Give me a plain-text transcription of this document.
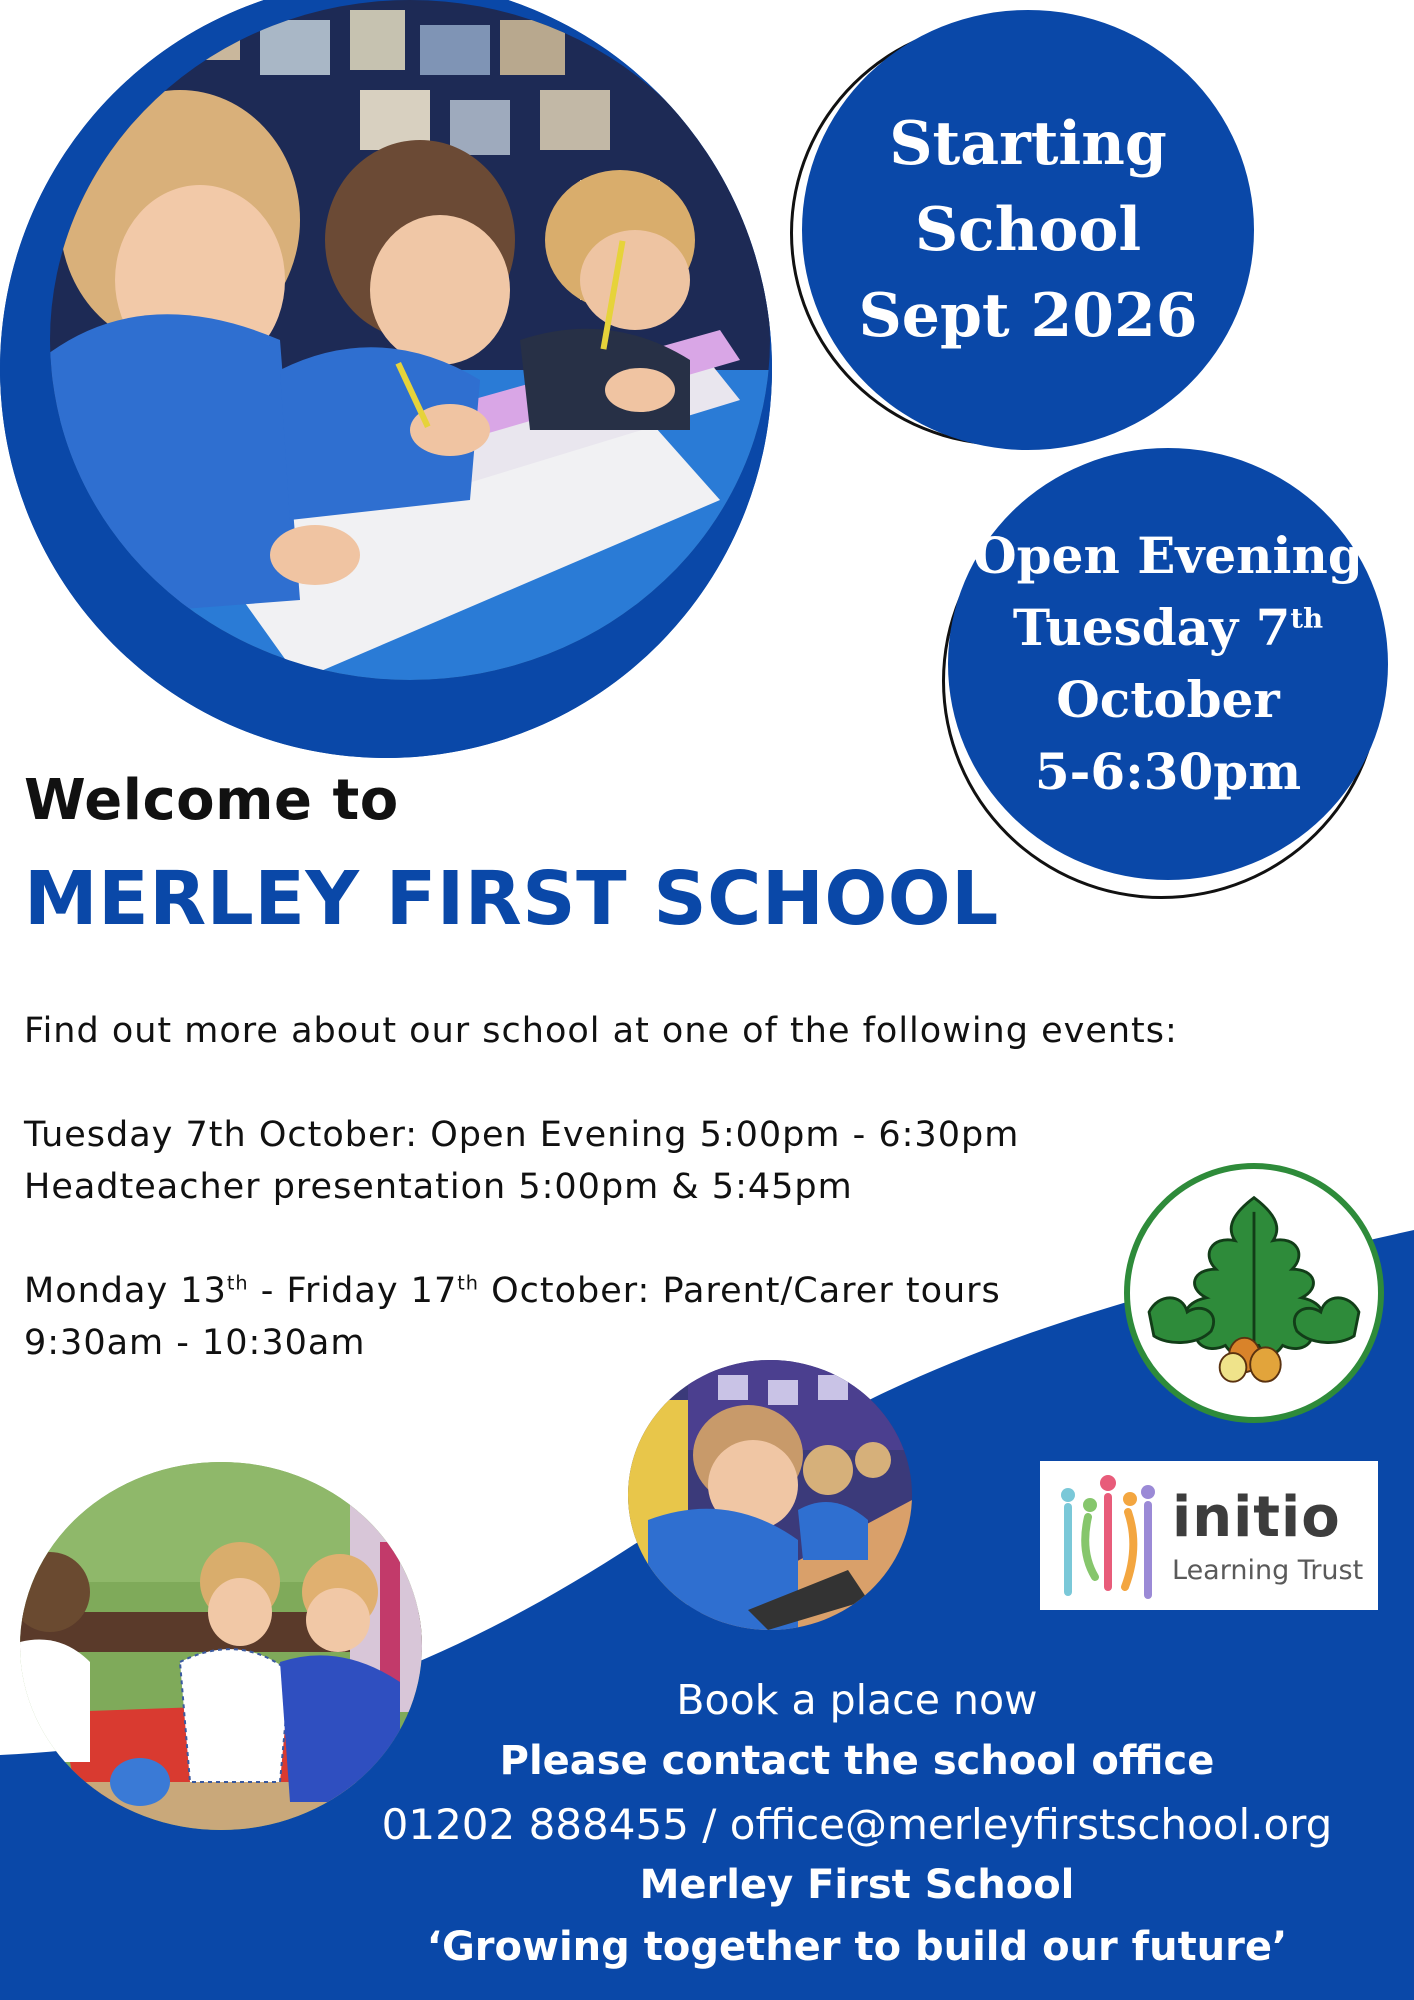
Starting
School
Sept 2026
Open Evening
Tuesday 7th
October
5-6:30pm
Welcome to
MERLEY FIRST SCHOOL

Find out more about our school at one of the following events:

Tuesday 7th October: Open Evening 5:00pm - 6:30pm

Headteacher presentation 5:00pm & 5:45pm

Monday 13th - Friday 17th October: Parent/Carer tours

9:30am - 10:30am

initio
Learning Trust
Book a place now
Please contact the school office
01202 888455 / office@merleyfirstschool.org
Merley First School
‘Growing together to build our future’
